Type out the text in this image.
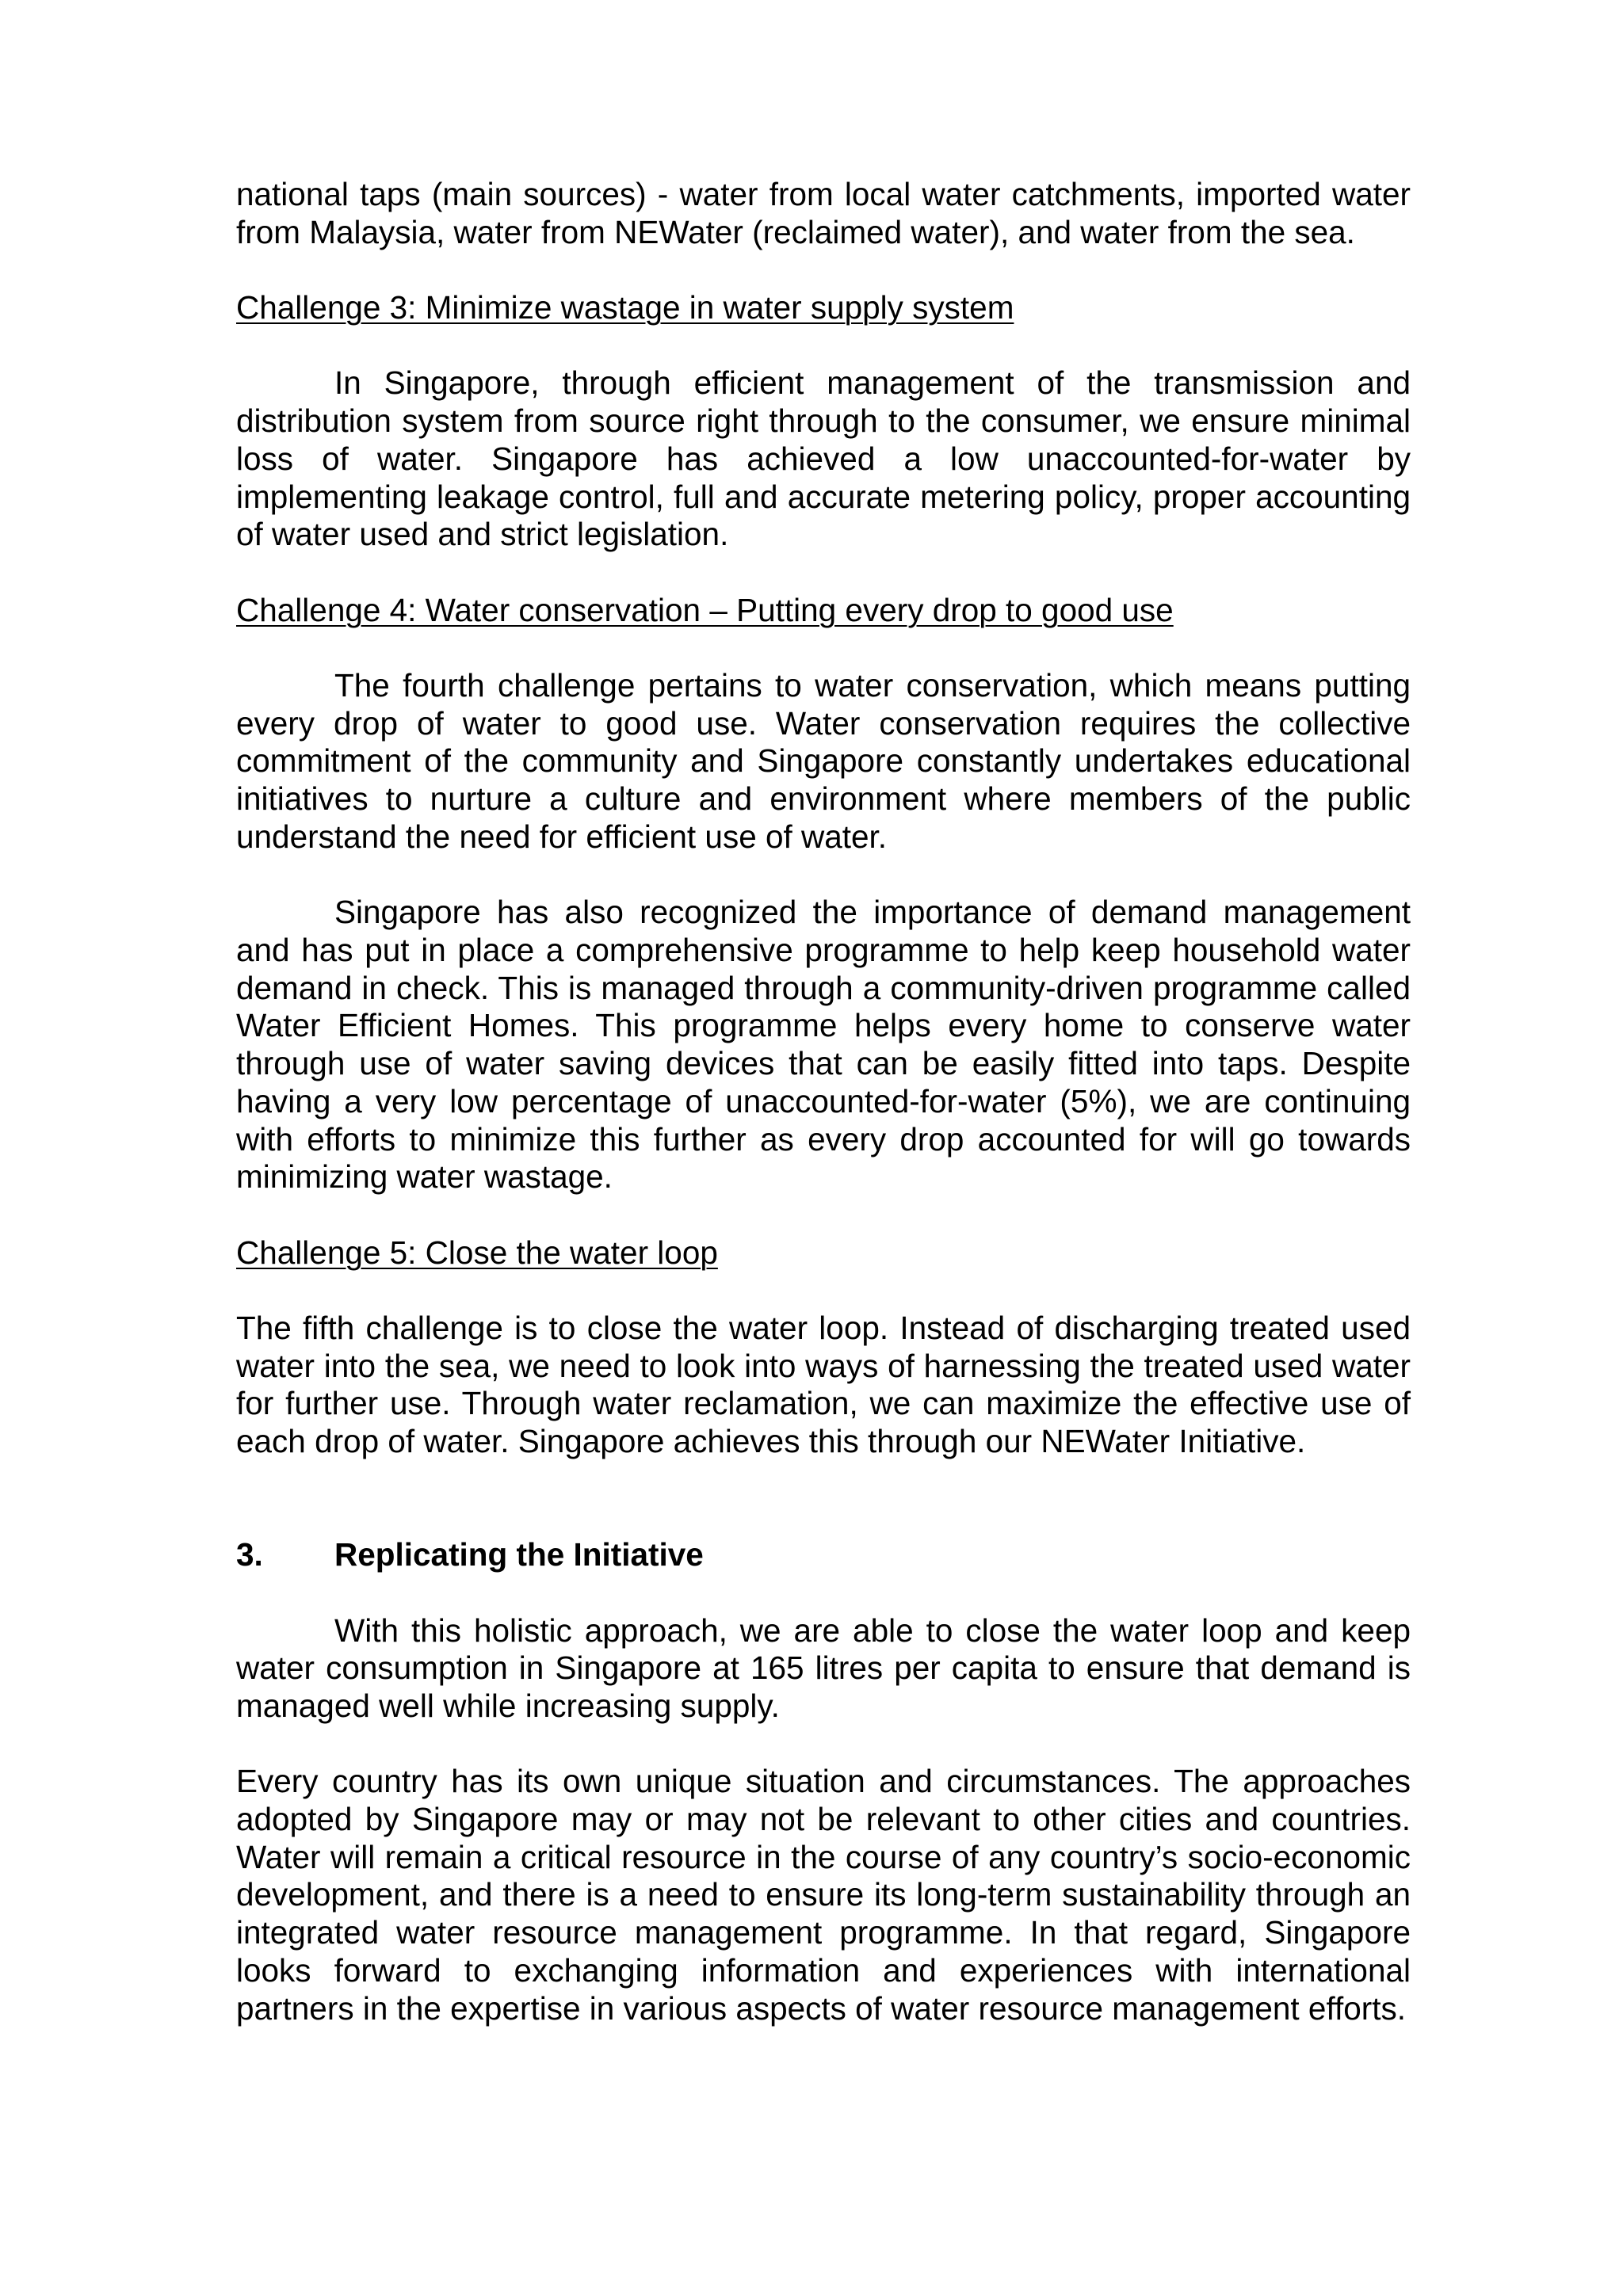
national taps (main sources) - water from local water catchments, imported water from Malaysia, water from NEWater (reclaimed water), and water from the sea.

Challenge 3: Minimize wastage in water supply system

In Singapore, through efficient management of the transmission and distribution system from source right through to the consumer, we ensure minimal loss of water. Singapore has achieved a low unaccounted-for-water by implementing leakage control, full and accurate metering policy, proper accounting of water used and strict legislation.

Challenge 4: Water conservation – Putting every drop to good use

The fourth challenge pertains to water conservation, which means putting every drop of water to good use. Water conservation requires the collective commitment of the community and Singapore constantly undertakes educational initiatives to nurture a culture and environment where members of the public understand the need for efficient use of water.

Singapore has also recognized the importance of demand management and has put in place a comprehensive programme to help keep household water demand in check. This is managed through a community-driven programme called Water Efficient Homes. This programme helps every home to conserve water through use of water saving devices that can be easily fitted into taps. Despite having a very low percentage of unaccounted-for-water (5%), we are continuing with efforts to minimize this further as every drop accounted for will go towards minimizing water wastage.

Challenge 5: Close the water loop

The fifth challenge is to close the water loop. Instead of discharging treated used water into the sea, we need to look into ways of harnessing the treated used water for further use. Through water reclamation, we can maximize the effective use of each drop of water. Singapore achieves this through our NEWater Initiative.

3.	Replicating the Initiative

With this holistic approach, we are able to close the water loop and keep water consumption in Singapore at 165 litres per capita to ensure that demand is managed well while increasing supply.

Every country has its own unique situation and circumstances. The approaches adopted by Singapore may or may not be relevant to other cities and countries. Water will remain a critical resource in the course of any country’s socio-economic development, and there is a need to ensure its long-term sustainability through an integrated water resource management programme. In that regard, Singapore looks forward to exchanging information and experiences with international partners in the expertise in various aspects of water resource management efforts.
